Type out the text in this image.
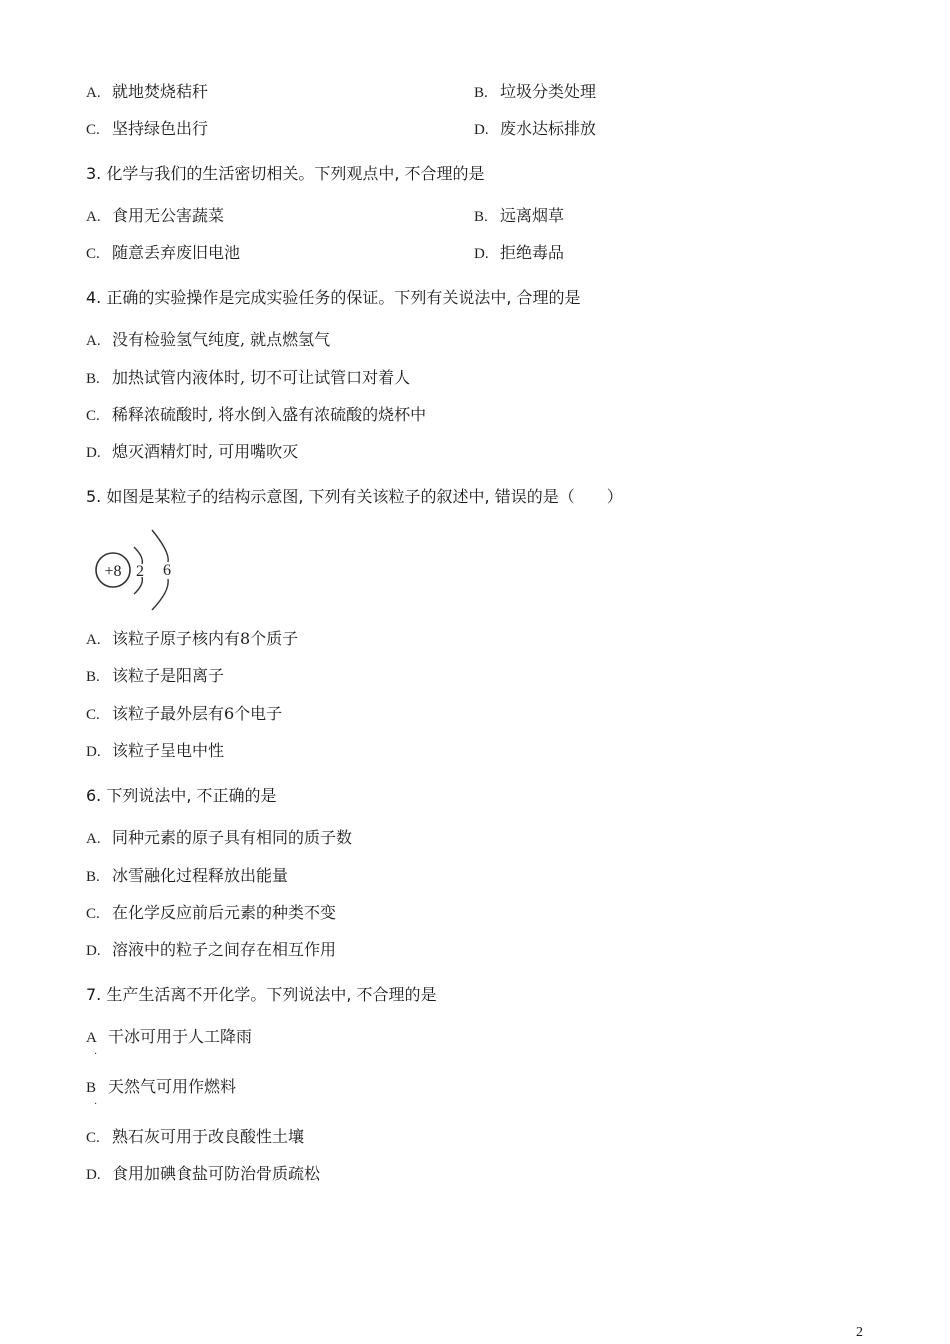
A. 就地焚烧秸秆	B. 垃圾分类处理
C. 坚持绿色出行	D. 废水达标排放
3. 化学与我们的生活密切相关。下列观点中, 不合理的是
A. 食用无公害蔬菜	B. 远离烟草
C. 随意丢弃废旧电池	D. 拒绝毒品
4. 正确的实验操作是完成实验任务的保证。下列有关说法中, 合理的是
A. 没有检验氢气纯度, 就点燃氢气
B. 加热试管内液体时, 切不可让试管口对着人
C. 稀释浓硫酸时, 将水倒入盛有浓硫酸的烧杯中
D. 熄灭酒精灯时, 可用嘴吹灭
5. 如图是某粒子的结构示意图, 下列有关该粒子的叙述中, 错误的是（　　）
+8 2 6
A. 该粒子原子核内有8个质子
B. 该粒子是阳离子
C. 该粒子最外层有6个电子
D. 该粒子呈电中性
6. 下列说法中, 不正确的是
A. 同种元素的原子具有相同的质子数
B. 冰雪融化过程释放出能量
C. 在化学反应前后元素的种类不变
D. 溶液中的粒子之间存在相互作用
7. 生产生活离不开化学。下列说法中, 不合理的是
A 干冰可用于人工降雨
·
B 天然气可用作燃料
·
C. 熟石灰可用于改良酸性土壤
D. 食用加碘食盐可防治骨质疏松
2
